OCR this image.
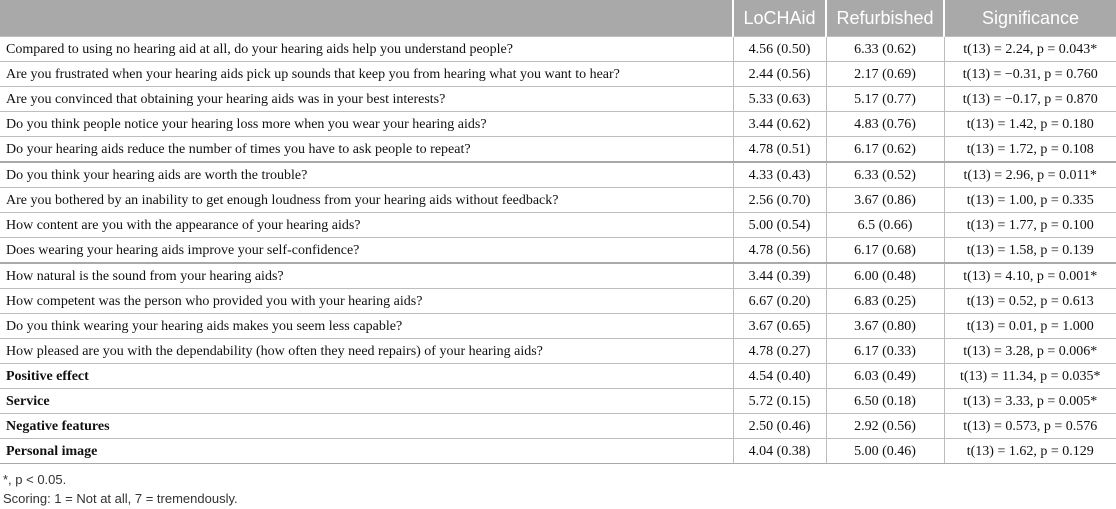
	LoCHAid	Refurbished	Significance
Compared to using no hearing aid at all, do your hearing aids help you understand people?	4.56 (0.50)	6.33 (0.62)	t(13) = 2.24, p = 0.043*
Are you frustrated when your hearing aids pick up sounds that keep you from hearing what you want to hear?	2.44 (0.56)	2.17 (0.69)	t(13) = −0.31, p = 0.760
Are you convinced that obtaining your hearing aids was in your best interests?	5.33 (0.63)	5.17 (0.77)	t(13) = −0.17, p = 0.870
Do you think people notice your hearing loss more when you wear your hearing aids?	3.44 (0.62)	4.83 (0.76)	t(13) = 1.42, p = 0.180
Do your hearing aids reduce the number of times you have to ask people to repeat?	4.78 (0.51)	6.17 (0.62)	t(13) = 1.72, p = 0.108
Do you think your hearing aids are worth the trouble?	4.33 (0.43)	6.33 (0.52)	t(13) = 2.96, p = 0.011*
Are you bothered by an inability to get enough loudness from your hearing aids without feedback?	2.56 (0.70)	3.67 (0.86)	t(13) = 1.00, p = 0.335
How content are you with the appearance of your hearing aids?	5.00 (0.54)	6.5 (0.66)	t(13) = 1.77, p = 0.100
Does wearing your hearing aids improve your self-confidence?	4.78 (0.56)	6.17 (0.68)	t(13) = 1.58, p = 0.139
How natural is the sound from your hearing aids?	3.44 (0.39)	6.00 (0.48)	t(13) = 4.10, p = 0.001*
How competent was the person who provided you with your hearing aids?	6.67 (0.20)	6.83 (0.25)	t(13) = 0.52, p = 0.613
Do you think wearing your hearing aids makes you seem less capable?	3.67 (0.65)	3.67 (0.80)	t(13) = 0.01, p = 1.000
How pleased are you with the dependability (how often they need repairs) of your hearing aids?	4.78 (0.27)	6.17 (0.33)	t(13) = 3.28, p = 0.006*
Positive effect	4.54 (0.40)	6.03 (0.49)	t(13) = 11.34, p = 0.035*
Service	5.72 (0.15)	6.50 (0.18)	t(13) = 3.33, p = 0.005*
Negative features	2.50 (0.46)	2.92 (0.56)	t(13) = 0.573, p = 0.576
Personal image	4.04 (0.38)	5.00 (0.46)	t(13) = 1.62, p = 0.129
*, p < 0.05.
Scoring: 1 = Not at all, 7 = tremendously.
